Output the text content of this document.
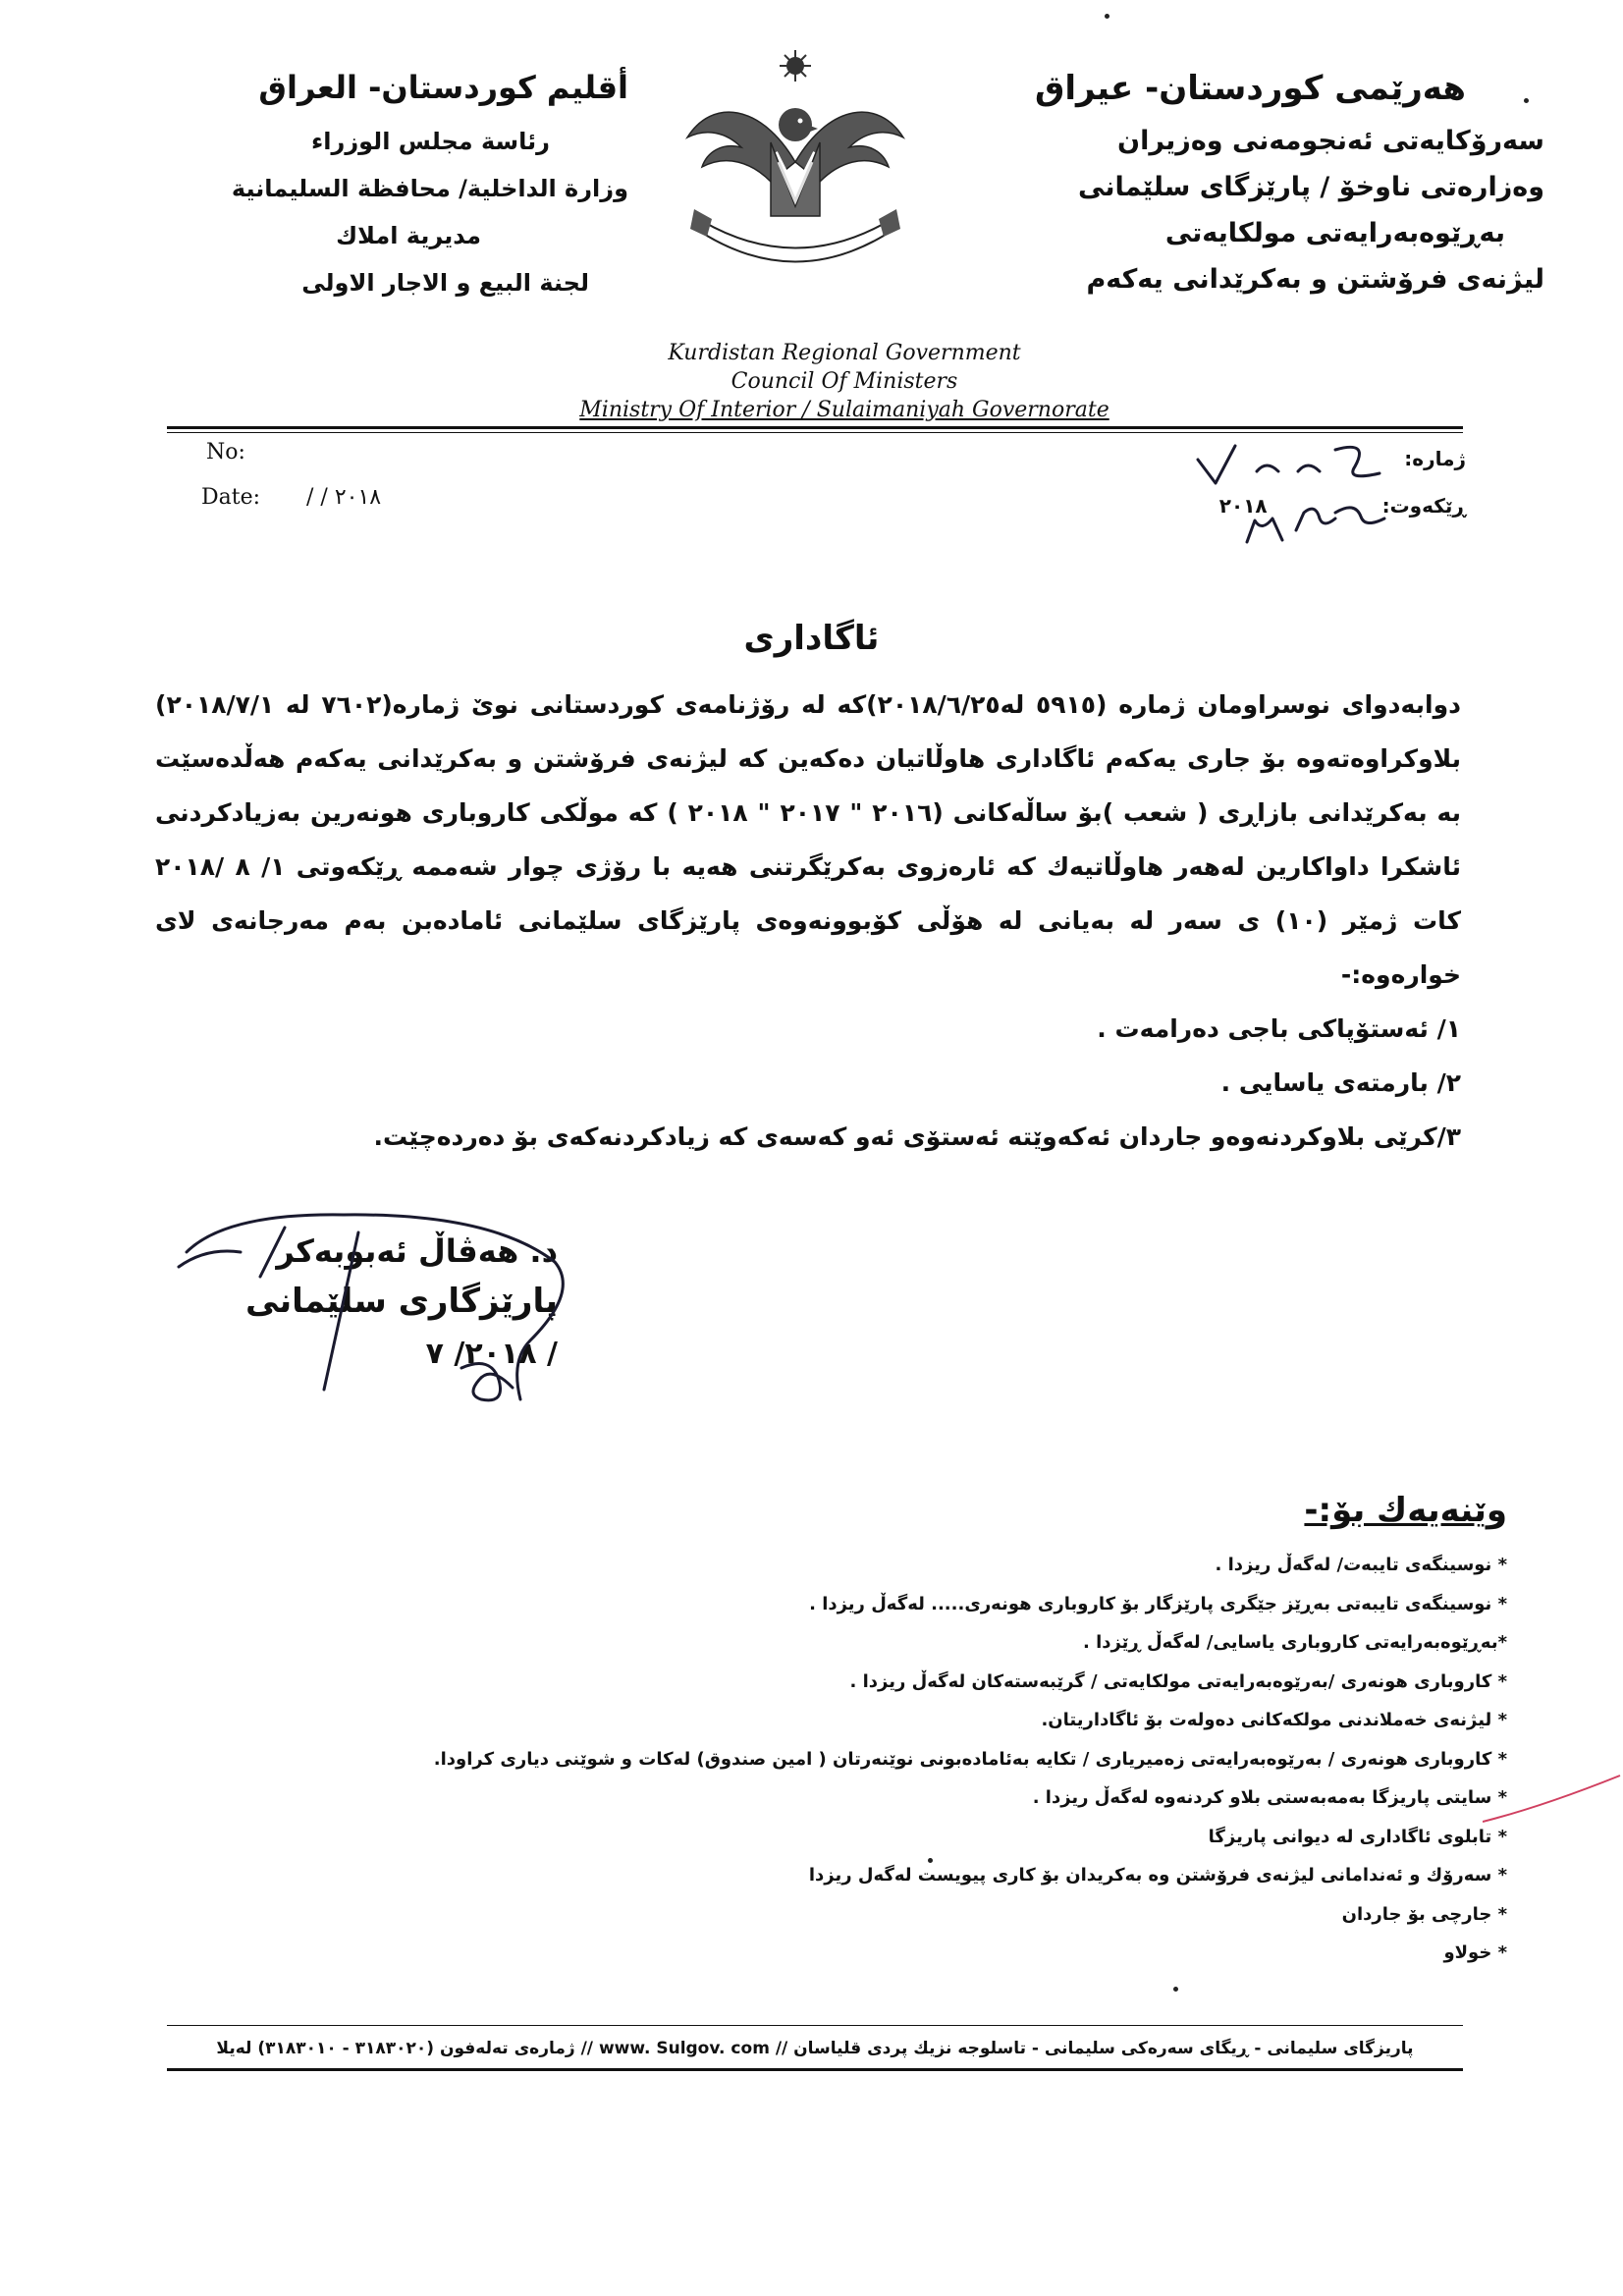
هەرێمی كوردستان- عیراق
سەرۆكایەتی ئەنجومەنی وەزیران
وەزارەتی ناوخۆ / پارێزگای سلێمانی
بەڕێوەبەرایەتی مولكایەتی
لیژنەی فرۆشتن و بەكرێدانی یەكەم
أقليم كوردستان- العراق
رئاسة مجلس الوزراء
وزارة الداخلية/ محافظة السليمانية
مديرية املاك
لجنة البيع و الاجار الاولى
Kurdistan Regional Government
Council Of Ministers
Ministry Of Interior / Sulaimaniyah Governorate
No:
Date: / / ٢٠١٨
ژمارە:
ڕێكەوت: ٢٠١٨
ئاگاداری
دوابەدوای نوسراومان ژمارە (٥٩١٥ لە٢٠١٨/٦/٢٥)كە لە رۆژنامەی كوردستانی نوێ ژمارە(٧٦٠٢ لە ٢٠١٨/٧/١) بلاوكراوەتەوە بۆ جاری یەكەم ئاگاداری هاوڵاتیان دەكەین كە لیژنەی فرۆشتن و بەكرێدانی یەكەم هەڵدەسێت بە بەكرێدانی بازاڕی ( شعب )بۆ ساڵەكانی (٢٠١٦ " ٢٠١٧ " ٢٠١٨ ) كە موڵكی كاروباری هونەرین بەزیادكردنی ئاشكرا داواكارین لەهەر هاوڵاتیەك كە ئارەزوی بەكرێگرتنی هەیە با رۆژی چوار شەممە ڕێكەوتی ١/ ٨ /٢٠١٨ كات ژمێر (١٠) ی سەر لە بەیانی لە هۆڵی كۆبوونەوەی پارێزگای سلێمانی ئامادەبن بەم مەرجانەی لای خوارەوە:-
١/ ئەستۆپاكی باجی دەرامەت .
٢/ بارمتەی یاسایی .
٣/كرێی بلاوكردنەوەو جاردان ئەكەوێتە ئەستۆی ئەو كەسەی كە زیادكردنەكەی بۆ دەردەچێت.
د. هەڤاڵ ئەبوبەكر
پارێزگاری سلێمانی
٢٠١٨/ ٧ /
وێنەیەك بۆ:-
* نوسینگەی تایبەت/ لەگەڵ ریزدا .
* نوسینگەی تایبەتی بەڕێز جێگری پارێزگار بۆ كاروباری هونەری..... لەگەڵ ریزدا .
*بەڕێوەبەرایەتی كاروباری یاسایی/ لەگەڵ ڕێزدا .
* كاروباری هونەری /بەرێوەبەرایەتی مولكایەتی / گرێبەستەكان لەگەڵ ریزدا .
* لیژنەی خەملاندنی مولكەكانی دەولەت بۆ ئاگاداریتان.
* كاروباری هونەری / بەرێوەبەرایەتی زەمیریاری / تكایە بەئامادەبونی نوێنەرتان ( امین صندوق) لەكات و شوێنی دیاری كراودا.
* سایتی پاریزگا بەمەبەستی بلاو كردنەوە لەگەڵ ریزدا .
* تابلوی ئاگاداری لە دیوانی پاریزگا
* سەرۆك و ئەندامانی لیژنەی فرۆشتن وە بەكریدان بۆ كاری پیویست لەگەل ریزدا
* جارچی بۆ جاردان
* خولاو
پاریزگای سلیمانی - ڕیگای سەرەكی سلیمانی - تاسلوجە نزیك پردی قلیاسان // www. Sulgov. com // ژمارەی تەلەفون (٣١٨٣٠٢٠ - ٣١٨٣٠١٠) لەیلا
